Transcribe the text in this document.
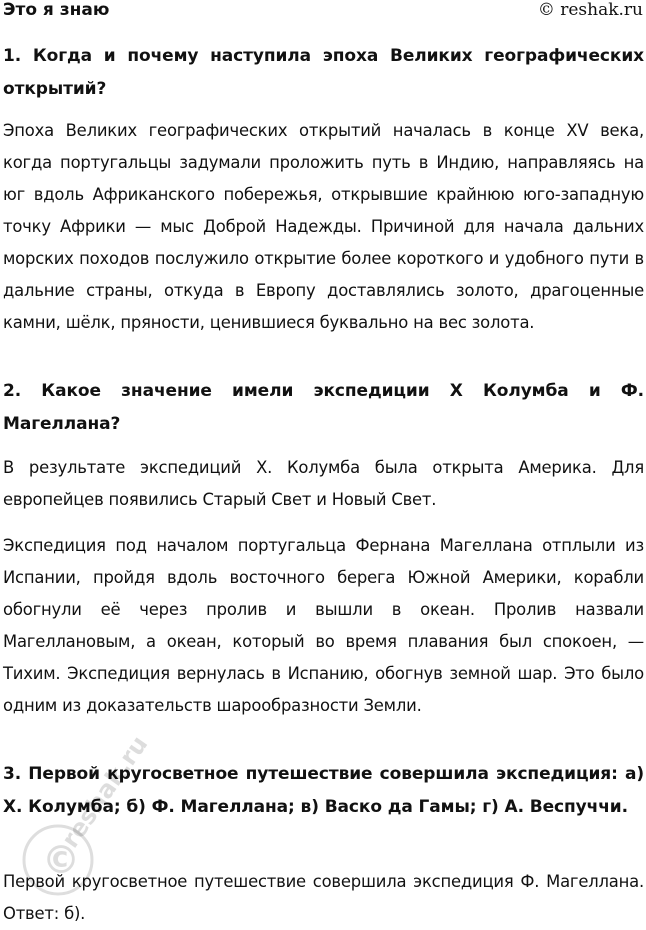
Это я знаю	© reshak.ru
1. Когда и почему наступила эпоха Великих географических открытий?
Эпоха Великих географических открытий началась в конце XV века, когда португальцы задумали проложить путь в Индию, направляясь на юг вдоль Африканского побережья, открывшие крайнюю юго-западную точку Африки — мыс Доброй Надежды. Причиной для начала дальних морских походов послужило открытие более короткого и удобного пути в дальние страны, откуда в Европу доставлялись золото, драгоценные камни, шёлк, пряности, ценившиеся буквально на вес золота.
2. Какое значение имели экспедиции Х Колумба и Ф. Магеллана?
В результате экспедиций Х. Колумба была открыта Америка. Для европейцев появились Старый Свет и Новый Свет.
Экспедиция под началом португальца Фернана Магеллана отплыли из Испании, пройдя вдоль восточного берега Южной Америки, корабли обогнули её через пролив и вышли в океан. Пролив назвали Магеллановым, а океан, который во время плавания был спокоен, — Тихим. Экспедиция вернулась в Испанию, обогнув земной шар. Это было одним из доказательств шарообразности Земли.
3. Первой кругосветное путешествие совершила экспедиция: а) Х. Колумба; б) Ф. Магеллана; в) Васко да Гамы; г) А. Веспуччи.
Первой кругосветное путешествие совершила экспедиция Ф. Магеллана. Ответ: б).
©
reshak.ru
